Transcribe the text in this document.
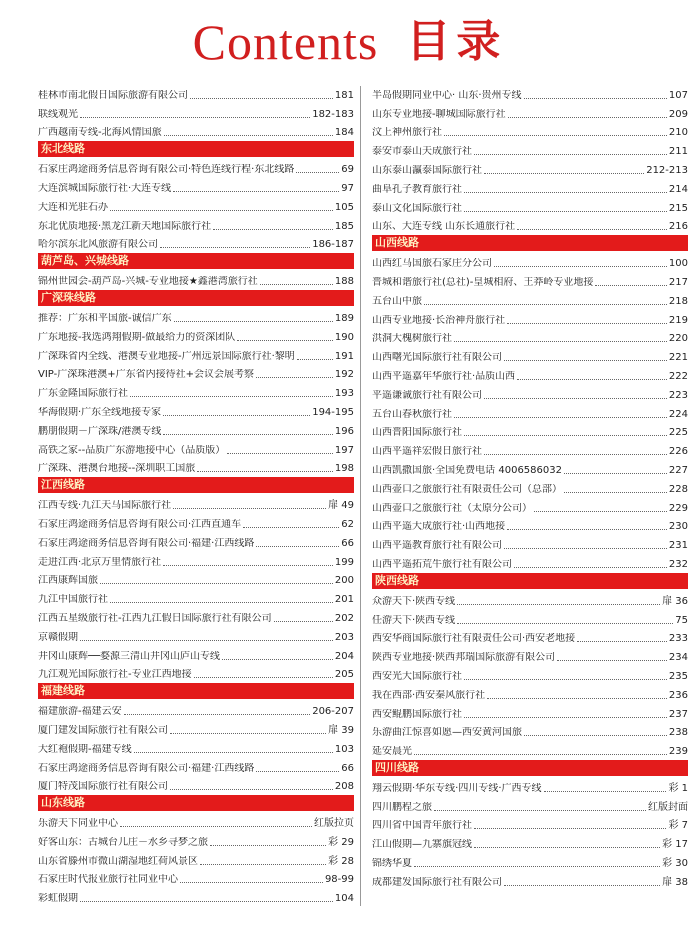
Contents 目录
桂林市南北假日国际旅游有限公司	181
联线观光	182-183
广西越南专线-北海风情国旅	184
东北线路
石家庄鸿途商务信息咨询有限公司·特色连线行程·东北线路	69
大连滨城国际旅行社·大连专线	97
大连和光驻石办	105
东北优质地接·黑龙江新天地国际旅行社	185
哈尔滨东北风旅游有限公司	186-187
葫芦岛、兴城线路
锦州世园会-葫芦岛-兴城-专业地接★鑫港湾旅行社	188
广深珠线路
推荐：广东和平国旅-诚信广东	189
广东地接-我选鸿翔假期-做最给力的资深团队	190
广深珠省内全线、港澳专业地接-广州远景国际旅行社·黎明	191
VIP-广深珠港澳+广东省内接待社+会议会展考察	192
广东金隆国际旅行社	193
华海假期·广东全线地接专家	194-195
鹏朋假期－广深珠/港澳专线	196
高铁之家--品质广东游地接中心（品质版）	197
广深珠、港澳台地接--深圳职工国旅	198
江西线路
江西专线·九江天马国际旅行社	扉 49
石家庄鸿途商务信息咨询有限公司·江西直通车	62
石家庄鸿途商务信息咨询有限公司·福建·江西线路	66
走进江西·北京万里情旅行社	199
江西康辉国旅	200
九江中国旅行社	201
江西五星级旅行社-江西九江假日国际旅行社有限公司	202
京赣假期	203
井冈山康辉──婺源三清山井冈山庐山专线	204
九江观光国际旅行社-专业江西地接	205
福建线路
福建旅游-福建云安	206-207
厦门建发国际旅行社有限公司	扉 39
大红袍假期-福建专线	103
石家庄鸿途商务信息咨询有限公司·福建·江西线路	66
厦门特茂国际旅行社有限公司	208
山东线路
乐游天下同业中心	红版拉页
好客山东：古城台儿庄－水乡寻梦之旅	彩 29
山东省滕州市微山湖湿地红荷风景区	彩 28
石家庄时代报业旅行社同业中心	98-99
彩虹假期	104
半岛假期同业中心· 山东·贵州专线	107
山东专业地接-聊城国际旅行社	209
汶上神州旅行社	210
泰安市泰山天成旅行社	211
山东泰山瀛泰国际旅行社	212-213
曲阜孔子教育旅行社	214
泰山文化国际旅行社	215
山东、大连专线 山东长通旅行社	216
山西线路
山西红马国旅石家庄分公司	100
晋城和谐旅行社(总社)-皇城相府、王莽岭专业地接	217
五台山中旅	218
山西专业地接·长治神舟旅行社	219
洪洞大槐树旅行社	220
山西曙光国际旅行社有限公司	221
山西平遥嘉年华旅行社·品质山西	222
平遥谦诚旅行社有限公司	223
五台山春秋旅行社	224
山西晋阳国际旅行社	225
山西平遥祥宏假日旅行社	226
山西凯撒国旅·全国免费电话 4006586032	227
山西壶口之旅旅行社有限责任公司（总部）	228
山西壶口之旅旅行社（太原分公司）	229
山西平遥大成旅行社·山西地接	230
山西平遥教育旅行社有限公司	231
山西平遥拓荒牛旅行社有限公司	232
陕西线路
众游天下·陕西专线	扉 36
任游天下·陕西专线	75
西安华商国际旅行社有限责任公司·西安老地接	233
陕西专业地接·陕西邦瑞国际旅游有限公司	234
西安光大国际旅行社	235
我在西部·西安秦风旅行社	236
西安鲲鹏国际旅行社	237
乐游曲江惊喜如愿—西安黄河国旅	238
延安晨光	239
四川线路
翔云假期·华东专线·四川专线·广西专线	彩 1
四川鹏程之旅	红版封面
四川省中国青年旅行社	彩 7
江山假期—九寨旗冠线	彩 17
锦绣华夏	彩 30
成都建发国际旅行社有限公司	扉 38
